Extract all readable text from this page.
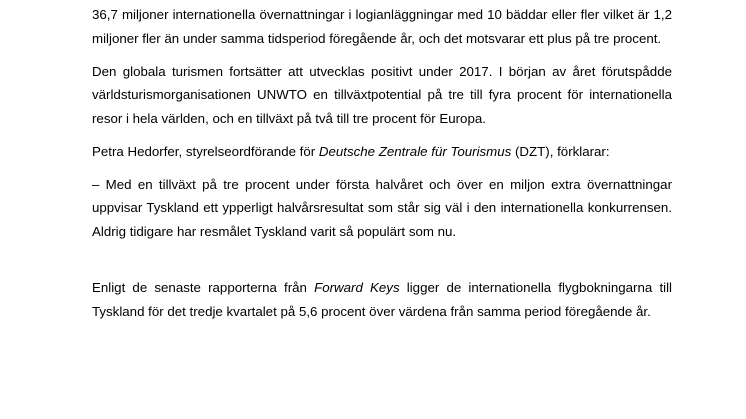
36,7 miljoner internationella övernattningar i logianläggningar med 10 bäddar eller fler vilket är 1,2 miljoner fler än under samma tidsperiod föregående år, och det motsvarar ett plus på tre procent.

Den globala turismen fortsätter att utvecklas positivt under 2017. I början av året förutspådde världsturismorganisationen UNWTO en tillväxtpotential på tre till fyra procent för internationella resor i hela världen, och en tillväxt på två till tre procent för Europa.

Petra Hedorfer, styrelseordförande för Deutsche Zentrale für Tourismus (DZT), förklarar:

– Med en tillväxt på tre procent under första halvåret och över en miljon extra övernattningar uppvisar Tyskland ett ypperligt halvårsresultat som står sig väl i den internationella konkurrensen. Aldrig tidigare har resmålet Tyskland varit så populärt som nu.

Enligt de senaste rapporterna från Forward Keys ligger de internationella flygbokningarna till Tyskland för det tredje kvartalet på 5,6 procent över värdena från samma period föregående år.
